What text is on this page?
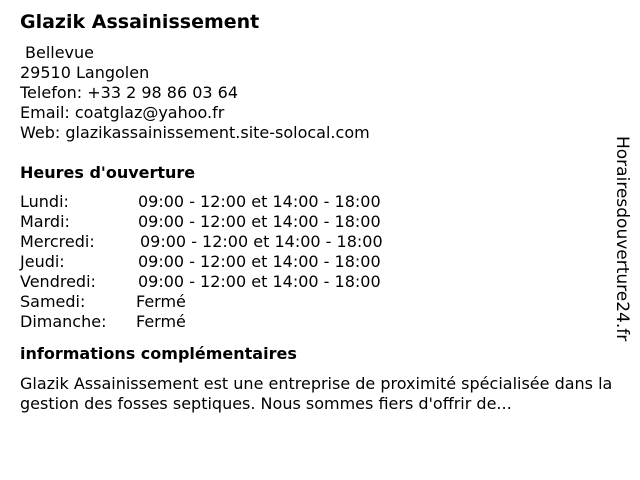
Glazik Assainissement
Bellevue
29510 Langolen
Telefon: +33 2 98 86 03 64
Email: coatglaz@yahoo.fr
Web: glazikassainissement.site-solocal.com
Heures d'ouverture
Lundi:	09:00 - 12:00 et 14:00 - 18:00
Mardi:	09:00 - 12:00 et 14:00 - 18:00
Mercredi:	09:00 - 12:00 et 14:00 - 18:00
Jeudi:	09:00 - 12:00 et 14:00 - 18:00
Vendredi:	09:00 - 12:00 et 14:00 - 18:00
Samedi:	Fermé
Dimanche:	Fermé
informations complémentaires
Glazik Assainissement est une entreprise de proximité spécialisée dans la gestion des fosses septiques. Nous sommes fiers d'offrir de...
Horairesdouverture24.fr
